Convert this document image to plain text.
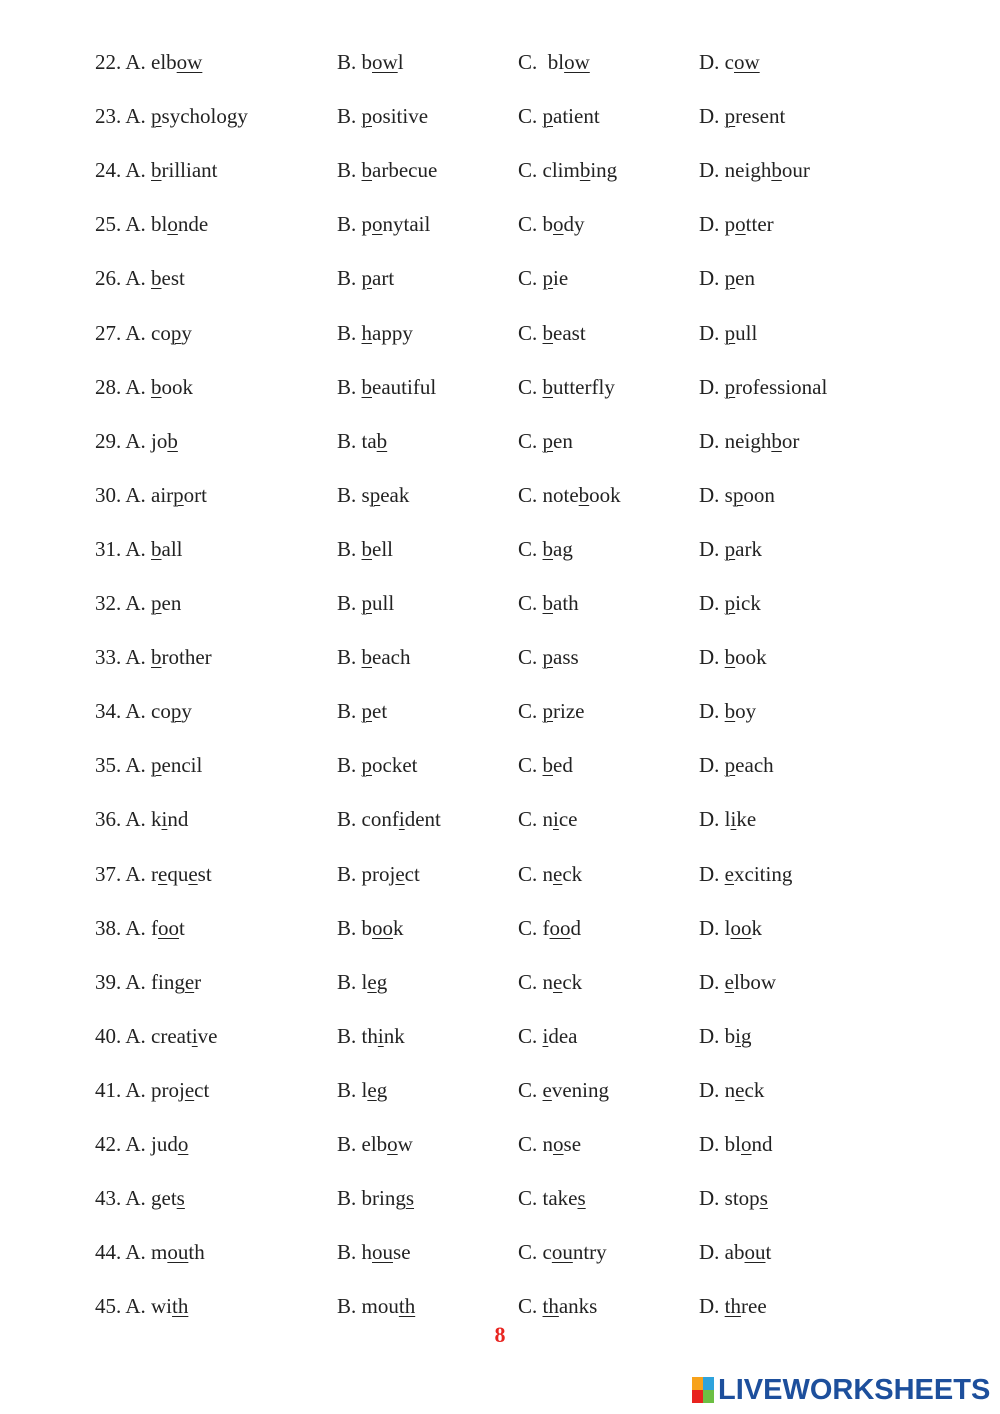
22. A. elbow	B. bowl	C.  blow	D. cow
23. A. psychology	B. positive	C. patient	D. present
24. A. brilliant	B. barbecue	C. climbing	D. neighbour
25. A. blonde	B. ponytail	C. body	D. potter
26. A. best	B. part	C. pie	D. pen
27. A. copy	B. happy	C. beast	D. pull
28. A. book	B. beautiful	C. butterfly	D. professional
29. A. job	B. tab	C. pen	D. neighbor
30. A. airport	B. speak	C. notebook	D. spoon
31. A. ball	B. bell	C. bag	D. park
32. A. pen	B. pull	C. bath	D. pick
33. A. brother	B. beach	C. pass	D. book
34. A. copy	B. pet	C. prize	D. boy
35. A. pencil	B. pocket	C. bed	D. peach
36. A. kind	B. confident	C. nice	D. like
37. A. request	B. project	C. neck	D. exciting
38. A. foot	B. book	C. food	D. look
39. A. finger	B. leg	C. neck	D. elbow
40. A. creative	B. think	C. idea	D. big
41. A. project	B. leg	C. evening	D. neck
42. A. judo	B. elbow	C. nose	D. blond
43. A. gets	B. brings	C. takes	D. stops
44. A. mouth	B. house	C. country	D. about
45. A. with	B. mouth	C. thanks	D. three
8
LIVEWORKSHEETS
